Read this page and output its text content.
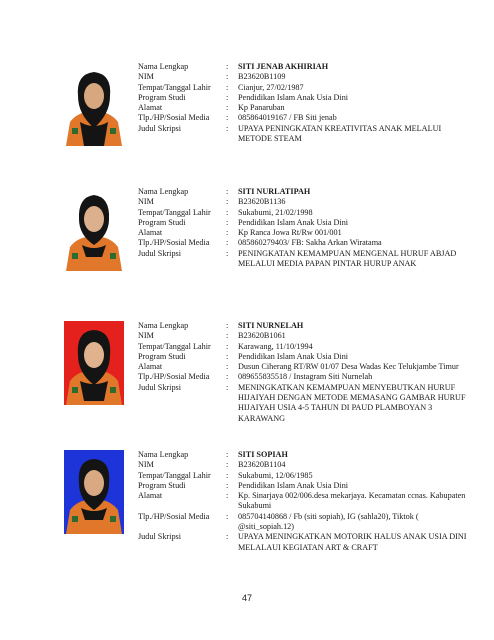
Nama Lengkap	:	SITI JENAB AKHIRIAH
NIM	:	B23620B1109
Tempat/Tanggal Lahir	:	Cianjur, 27/02/1987
Program Studi	:	Pendidikan Islam Anak Usia Dini
Alamat	:	Kp Panaruban
Tlp./HP/Sosial Media	:	085864019167 / FB Siti jenab
Judul Skripsi	:	UPAYA PENINGKATAN KREATIVITAS ANAK MELALUI METODE STEAM
Nama Lengkap	:	SITI NURLATIPAH
NIM	:	B23620B1136
Tempat/Tanggal Lahir	:	Sukabumi, 21/02/1998
Program Studi	:	Pendidikan Islam Anak Usia Dini
Alamat	:	Kp Ranca Jowa Rt/Rw 001/001
Tlp./HP/Sosial Media	:	085860279403/ FB: Sakha Arkan Wiratama
Judul Skripsi	:	PENINGKATAN KEMAMPUAN MENGENAL HURUF ABJAD MELALUI MEDIA PAPAN PINTAR HURUP ANAK
Nama Lengkap	:	SITI NURNELAH
NIM	:	B23620B1061
Tempat/Tanggal Lahir	:	Karawang, 11/10/1994
Program Studi	:	Pendidikan Islam Anak Usia Dini
Alamat	:	Dusun Ciherang RT/RW 01/07 Desa Wadas Kec Telukjambe Timur
Tlp./HP/Sosial Media	:	089655835518 / Instagram Siti Nurnelah
Judul Skripsi	:	MENINGKATKAN KEMAMPUAN MENYEBUTKAN HURUF HIJAIYAH DENGAN METODE MEMASANG GAMBAR HURUF HIJAIYAH USIA 4-5 TAHUN DI PAUD PLAMBOYAN 3 KARAWANG
Nama Lengkap	:	SITI SOPIAH
NIM	:	B23620B1104
Tempat/Tanggal Lahir	:	Sukabumi, 12/06/1985
Program Studi	:	Pendidikan Islam Anak Usia Dini
Alamat	:	Kp. Sinarjaya 002/006.desa mekarjaya. Kecamatan ccnas. Kabupaten Sukabumi
Tlp./HP/Sosial Media	:	085704140868 / Fb (siti sopiah), IG (sahla20), Tiktok ( @siti_sopiah.12)
Judul Skripsi	:	UPAYA MENINGKATKAN MOTORIK HALUS ANAK USIA DINI MELALAUI KEGIATAN ART & CRAFT
47
